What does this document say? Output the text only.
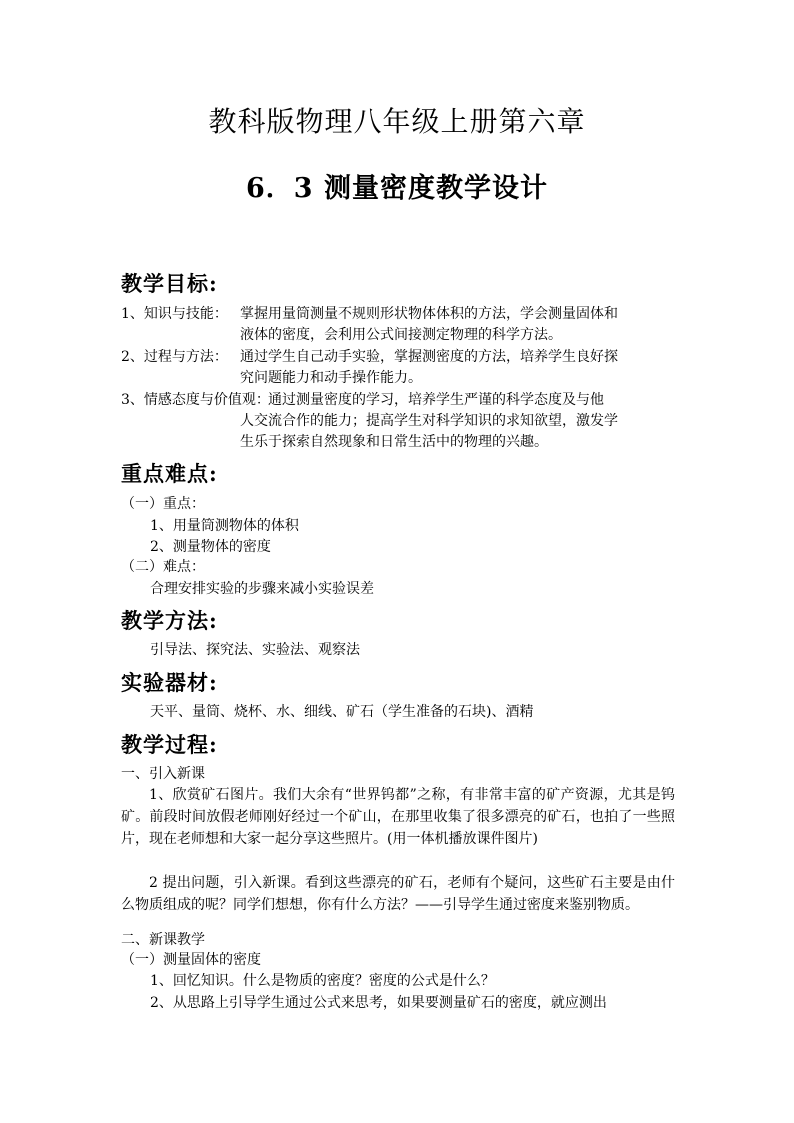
教科版物理八年级上册第六章
6．3 测量密度教学设计
教学目标:
1、知识与技能： 掌握用量筒测量不规则形状物体体积的方法，学会测量固体和
液体的密度，会利用公式间接测定物理的科学方法。
2、过程与方法： 通过学生自己动手实验，掌握测密度的方法，培养学生良好探
究问题能力和动手操作能力。
3、情感态度与价值观：
通过测量密度的学习，培养学生严谨的科学态度及与他
人交流合作的能力；提高学生对科学知识的求知欲望，激发学
生乐于探索自然现象和日常生活中的物理的兴趣。
重点难点:
（一）重点：
1、用量筒测物体的体积
2、测量物体的密度
（二）难点：
合理安排实验的步骤来减小实验误差
教学方法:
引导法、探究法、实验法、观察法
实验器材:
天平、量筒、烧杯、水、细线、矿石（学生准备的石块)、酒精
教学过程:
一、引入新课
1、欣赏矿石图片。我们大余有“世界钨都”之称，有非常丰富的矿产资源，尤其是钨矿。前段时间放假老师刚好经过一个矿山，在那里收集了很多漂亮的矿石，也拍了一些照片，现在老师想和大家一起分享这些照片。(用一体机播放课件图片)
2 提出问题，引入新课。看到这些漂亮的矿石，老师有个疑问，这些矿石主要是由什么物质组成的呢？同学们想想，你有什么方法？——引导学生通过密度来鉴别物质。
二、新课教学
（一）测量固体的密度
1、回忆知识。什么是物质的密度？密度的公式是什么？
2、从思路上引导学生通过公式来思考，如果要测量矿石的密度，就应测出
